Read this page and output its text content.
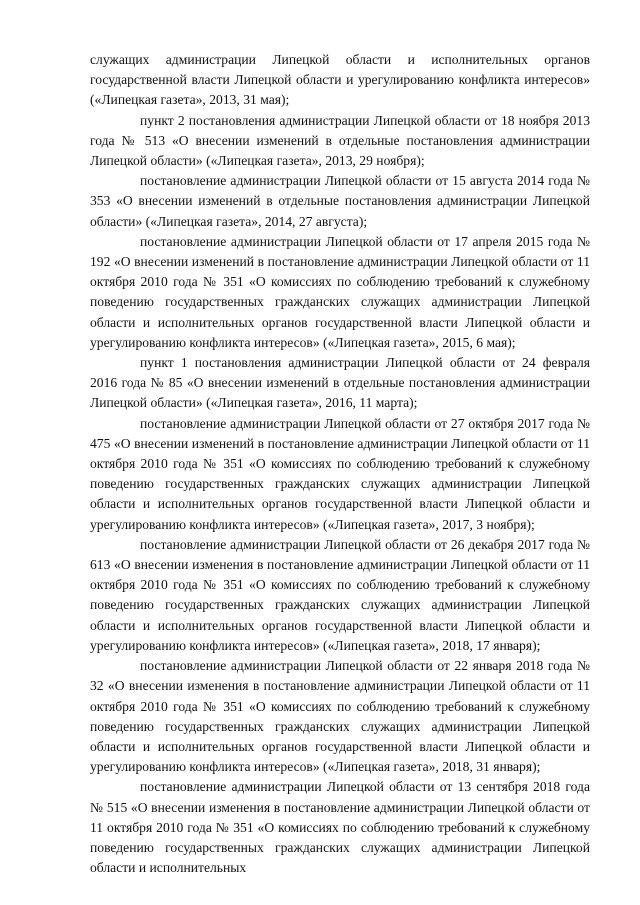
служащих администрации Липецкой области и исполнительных органов государственной власти Липецкой области и урегулированию конфликта интересов» («Липецкая газета», 2013, 31 мая);

пункт 2 постановления администрации Липецкой области от 18 ноября 2013 года № 513 «О внесении изменений в отдельные постановления администрации Липецкой области» («Липецкая газета», 2013, 29 ноября);

постановление администрации Липецкой области от 15 августа 2014 года № 353 «О внесении изменений в отдельные постановления администрации Липецкой области» («Липецкая газета», 2014, 27 августа);

постановление администрации Липецкой области от 17 апреля 2015 года № 192 «О внесении изменений в постановление администрации Липецкой области от 11 октября 2010 года № 351 «О комиссиях по соблюдению требований к служебному поведению государственных гражданских служащих администрации Липецкой области и исполнительных органов государственной власти Липецкой области и урегулированию конфликта интересов» («Липецкая газета», 2015, 6 мая);

пункт 1 постановления администрации Липецкой области от 24 февраля 2016 года № 85 «О внесении изменений в отдельные постановления администрации Липецкой области» («Липецкая газета», 2016, 11 марта);

постановление администрации Липецкой области от 27 октября 2017 года № 475 «О внесении изменений в постановление администрации Липецкой области от 11 октября 2010 года № 351 «О комиссиях по соблюдению требований к служебному поведению государственных гражданских служащих администрации Липецкой области и исполнительных органов государственной власти Липецкой области и урегулированию конфликта интересов» («Липецкая газета», 2017, 3 ноября);

постановление администрации Липецкой области от 26 декабря 2017 года № 613 «О внесении изменения в постановление администрации Липецкой области от 11 октября 2010 года № 351 «О комиссиях по соблюдению требований к служебному поведению государственных гражданских служащих администрации Липецкой области и исполнительных органов государственной власти Липецкой области и урегулированию конфликта интересов» («Липецкая газета», 2018, 17 января);

постановление администрации Липецкой области от 22 января 2018 года № 32 «О внесении изменения в постановление администрации Липецкой области от 11 октября 2010 года № 351 «О комиссиях по соблюдению требований к служебному поведению государственных гражданских служащих администрации Липецкой области и исполнительных органов государственной власти Липецкой области и урегулированию конфликта интересов» («Липецкая газета», 2018, 31 января);

постановление администрации Липецкой области от 13 сентября 2018 года № 515 «О внесении изменения в постановление администрации Липецкой области от 11 октября 2010 года № 351 «О комиссиях по соблюдению требований к служебному поведению государственных гражданских служащих администрации Липецкой области и исполнительных
